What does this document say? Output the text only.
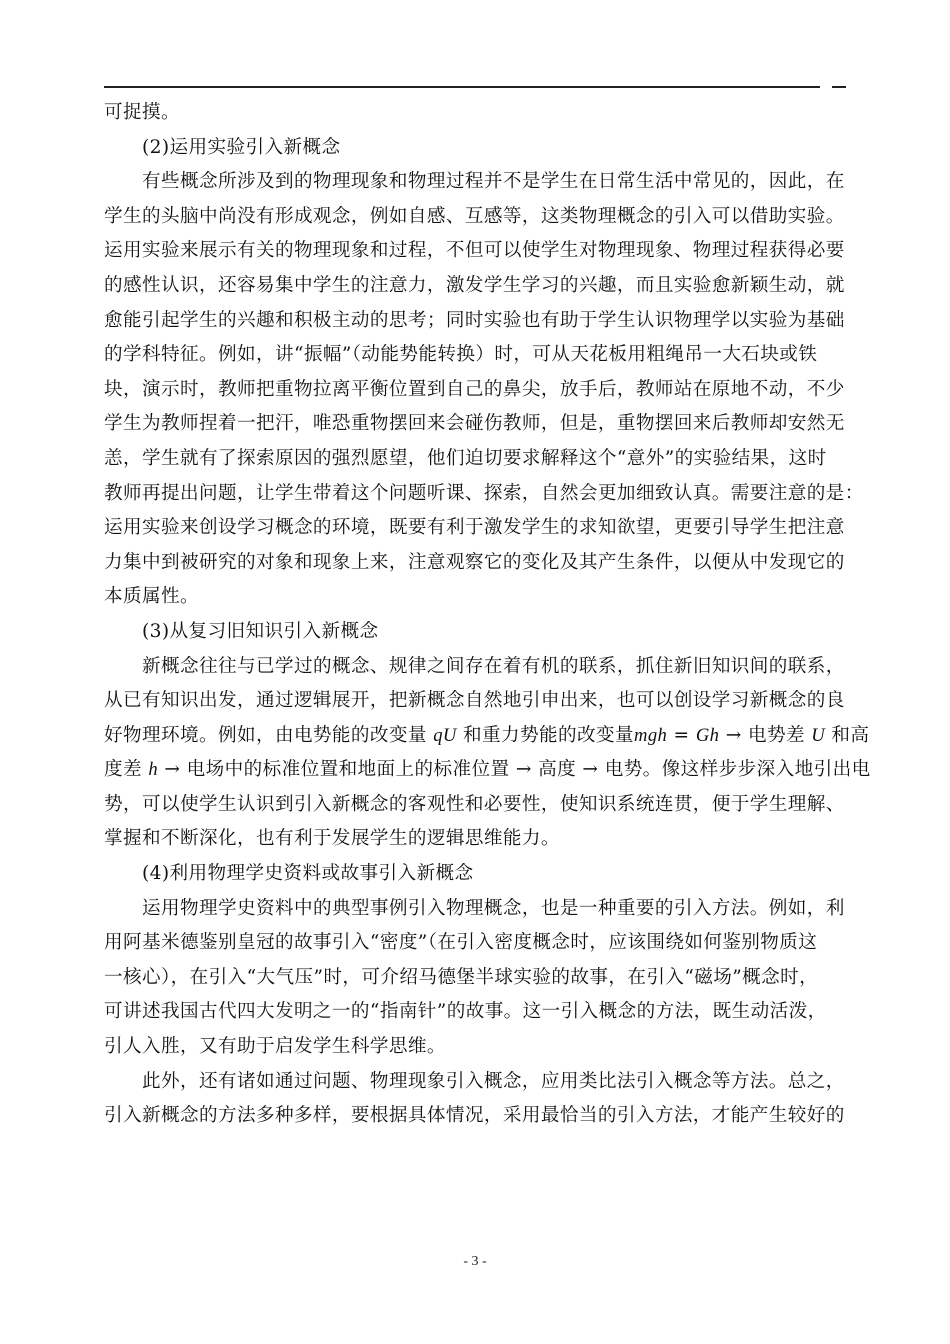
可捉摸。
(2)运用实验引入新概念
有些概念所涉及到的物理现象和物理过程并不是学生在日常生活中常见的，因此，在
学生的头脑中尚没有形成观念，例如自感、互感等，这类物理概念的引入可以借助实验。
运用实验来展示有关的物理现象和过程，不但可以使学生对物理现象、物理过程获得必要
的感性认识，还容易集中学生的注意力，激发学生学习的兴趣，而且实验愈新颖生动，就
愈能引起学生的兴趣和积极主动的思考；同时实验也有助于学生认识物理学以实验为基础
的学科特征。例如，讲“振幅”（动能势能转换）时，可从天花板用粗绳吊一大石块或铁
块，演示时，教师把重物拉离平衡位置到自己的鼻尖，放手后，教师站在原地不动，不少
学生为教师捏着一把汗，唯恐重物摆回来会碰伤教师，但是，重物摆回来后教师却安然无
恙，学生就有了探索原因的强烈愿望，他们迫切要求解释这个“意外”的实验结果，这时
教师再提出问题，让学生带着这个问题听课、探索，自然会更加细致认真。需要注意的是：
运用实验来创设学习概念的环境，既要有利于激发学生的求知欲望，更要引导学生把注意
力集中到被研究的对象和现象上来，注意观察它的变化及其产生条件，以便从中发现它的
本质属性。
(3)从复习旧知识引入新概念
新概念往往与已学过的概念、规律之间存在着有机的联系，抓住新旧知识间的联系，
从已有知识出发，通过逻辑展开，把新概念自然地引申出来，也可以创设学习新概念的良
好物理环境。例如，由电势能的改变量 qU 和重力势能的改变量mgh = Gh → 电势差 U 和高
度差 h → 电场中的标准位置和地面上的标准位置 → 高度 → 电势。像这样步步深入地引出电
势，可以使学生认识到引入新概念的客观性和必要性，使知识系统连贯，便于学生理解、
掌握和不断深化，也有利于发展学生的逻辑思维能力。
(4)利用物理学史资料或故事引入新概念
运用物理学史资料中的典型事例引入物理概念，也是一种重要的引入方法。例如，利
用阿基米德鉴别皇冠的故事引入“密度”（在引入密度概念时，应该围绕如何鉴别物质这
一核心），在引入“大气压”时，可介绍马德堡半球实验的故事，在引入“磁场”概念时，
可讲述我国古代四大发明之一的“指南针”的故事。这一引入概念的方法，既生动活泼，
引人入胜，又有助于启发学生科学思维。
此外，还有诸如通过问题、物理现象引入概念，应用类比法引入概念等方法。总之，
引入新概念的方法多种多样，要根据具体情况，采用最恰当的引入方法，才能产生较好的
- 3 -
